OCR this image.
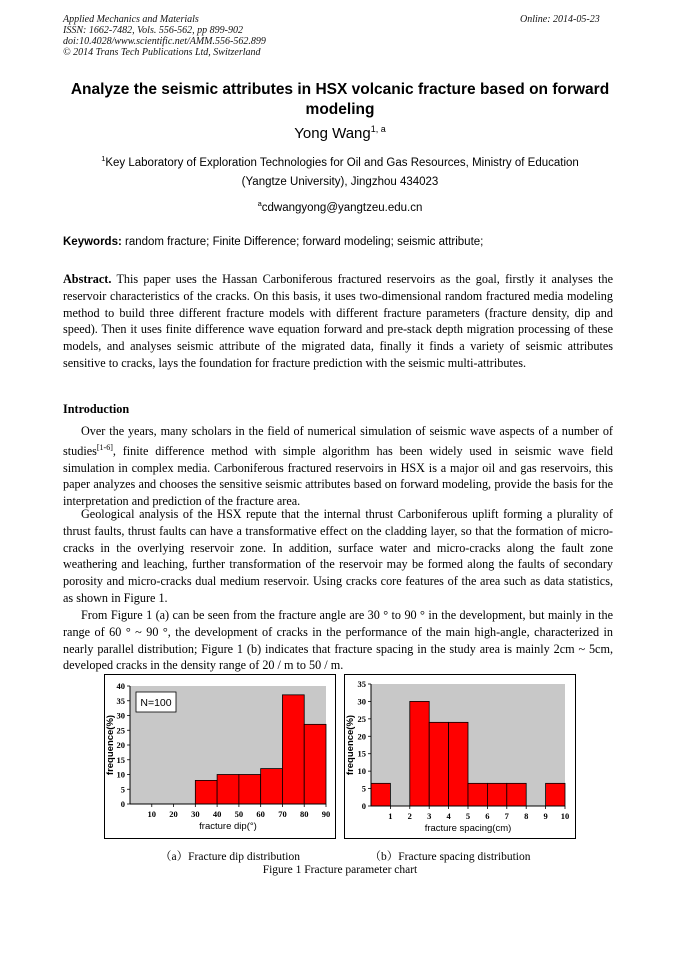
Applied Mechanics and Materials
ISSN: 1662-7482, Vols. 556-562, pp 899-902
doi:10.4028/www.scientific.net/AMM.556-562.899
© 2014 Trans Tech Publications Ltd, Switzerland
Online: 2014-05-23
Analyze the seismic attributes in HSX volcanic fracture based on forward modeling
Yong Wang$^{1, a}$
$^1$Key Laboratory of Exploration Technologies for Oil and Gas Resources, Ministry of Education
(Yangtze University), Jingzhou 434023
$^a$cdwangyong@yangtzeu.edu.cn
Keywords: random fracture; Finite Difference; forward modeling; seismic attribute;
Abstract. This paper uses the Hassan Carboniferous fractured reservoirs as the goal, firstly it analyses the reservoir characteristics of the cracks. On this basis, it uses two-dimensional random fractured media modeling method to build three different fracture models with different fracture parameters (fracture density, dip and speed). Then it uses finite difference wave equation forward and pre-stack depth migration processing of these models, and analyses seismic attribute of the migrated data, finally it finds a variety of seismic attributes sensitive to cracks, lays the foundation for fracture prediction with the seismic multi-attributes.
Introduction
Over the years, many scholars in the field of numerical simulation of seismic wave aspects of a number of studies[1-6], finite difference method with simple algorithm has been widely used in seismic wave field simulation in complex media. Carboniferous fractured reservoirs in HSX is a major oil and gas reservoirs, this paper analyzes and chooses the sensitive seismic attributes based on forward modeling, provide the basis for the interpretation and prediction of the fracture area.
Geological analysis of the HSX repute that the internal thrust Carboniferous uplift forming a plurality of thrust faults, thrust faults can have a transformative effect on the cladding layer, so that the formation of micro-cracks in the overlying reservoir zone. In addition, surface water and micro-cracks along the fault zone weathering and leaching, further transformation of the reservoir may be formed along the faults of secondary porosity and micro-cracks dual medium reservoir. Using cracks core features of the area such as data statistics, as shown in Figure 1.
From Figure 1 (a) can be seen from the fracture angle are 30 ° to 90 ° in the development, but mainly in the range of 60 ° ~ 90 °, the development of cracks in the performance of the main high-angle, characterized in nearly parallel distribution; Figure 1 (b) indicates that fracture spacing in the study area is mainly 2cm ~ 5cm, developed cracks in the density range of 20 / m to 50 / m.
0
5
10
15
20
25
30
35
40
10 20 30 40 50 60 70 80 90
fracture dip(°)
frequence(%)
N=100
0
5
10
15
20
25
30
35
1 2 3 4 5 6 7 8 9 10
fracture spacing(cm)
frequence(%)
（a）Fracture dip distribution	（b）Fracture spacing distribution
Figure 1 Fracture parameter chart
